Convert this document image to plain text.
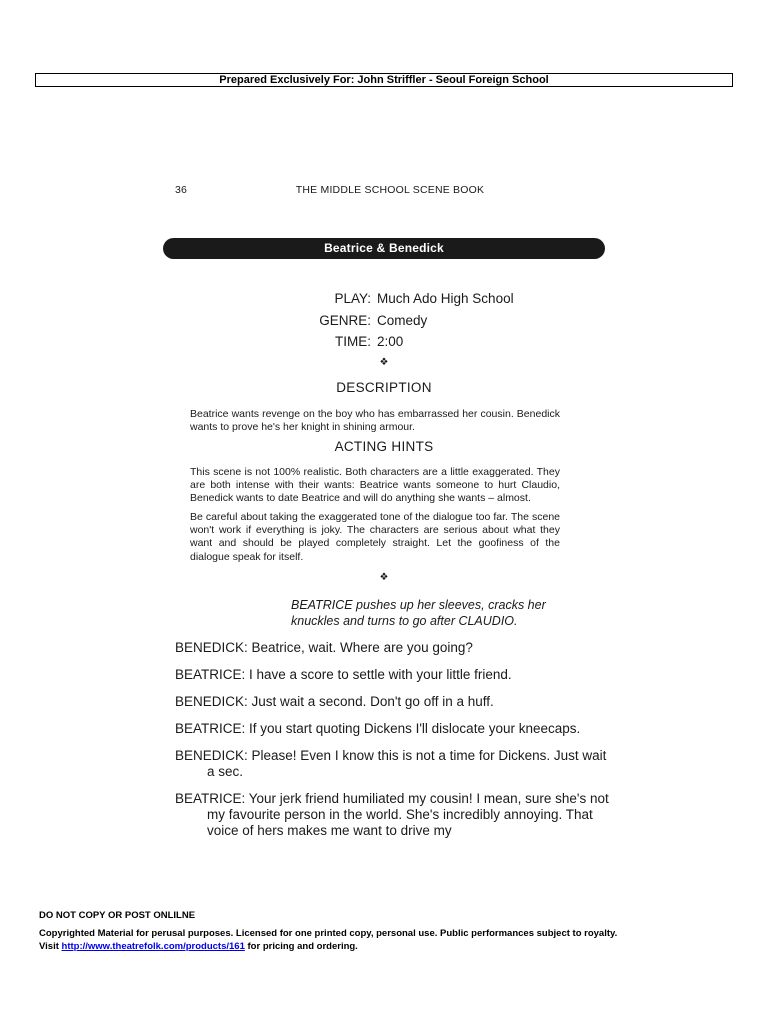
Prepared Exclusively For: John Striffler - Seoul Foreign School
36	THE MIDDLE SCHOOL SCENE BOOK
Beatrice & Benedick
PLAY: Much Ado High School
GENRE: Comedy
TIME: 2:00
❖
DESCRIPTION

Beatrice wants revenge on the boy who has embarrassed her cousin. Benedick wants to prove he's her knight in shining armour.

ACTING HINTS

This scene is not 100% realistic. Both characters are a little exaggerated. They are both intense with their wants: Beatrice wants someone to hurt Claudio, Benedick wants to date Beatrice and will do anything she wants – almost.

Be careful about taking the exaggerated tone of the dialogue too far. The scene won't work if everything is joky. The characters are serious about what they want and should be played completely straight. Let the goofiness of the dialogue speak for itself.

❖
BEATRICE pushes up her sleeves, cracks her knuckles and turns to go after CLAUDIO.
BENEDICK: Beatrice, wait. Where are you going?
BEATRICE: I have a score to settle with your little friend.
BENEDICK: Just wait a second. Don't go off in a huff.
BEATRICE: If you start quoting Dickens I'll dislocate your kneecaps.
BENEDICK: Please! Even I know this is not a time for Dickens. Just wait a sec.
BEATRICE: Your jerk friend humiliated my cousin! I mean, sure she's not my favourite person in the world. She's incredibly annoying. That voice of hers makes me want to drive my
DO NOT COPY OR POST ONLILNE
Copyrighted Material for perusal purposes. Licensed for one printed copy, personal use. Public performances subject to royalty.
Visit http://www.theatrefolk.com/products/161 for pricing and ordering.
